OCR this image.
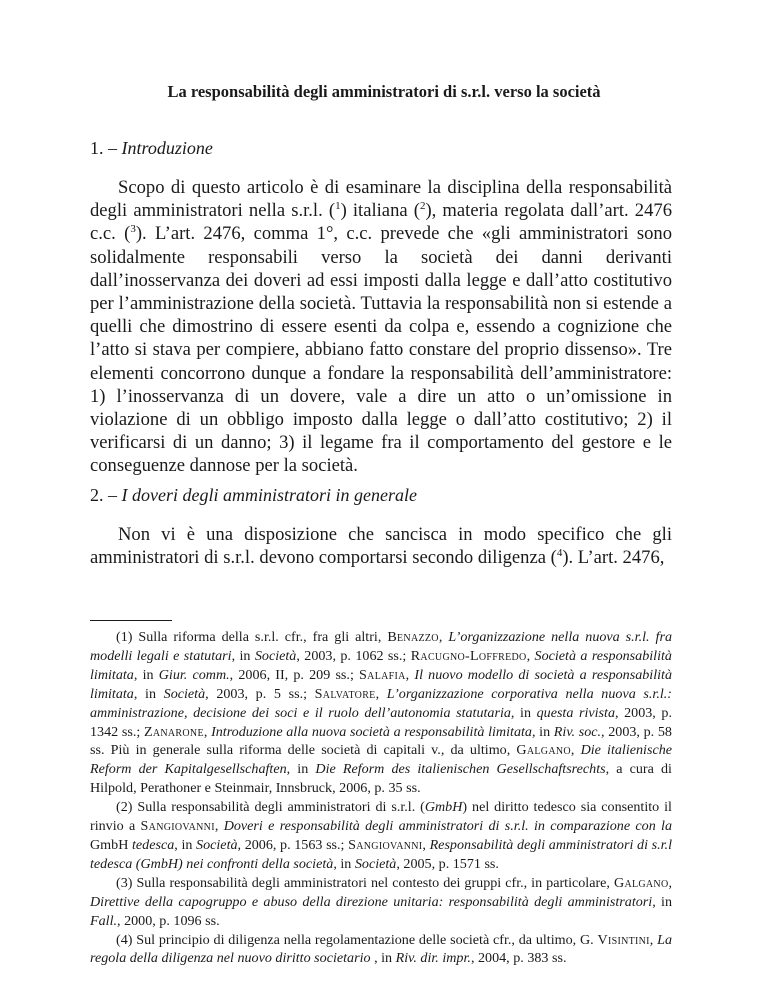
La responsabilità degli amministratori di s.r.l. verso la società
1. – Introduzione

Scopo di questo articolo è di esaminare la disciplina della responsabilità degli amministratori nella s.r.l. ($^1$) italiana ($^2$), materia regolata dall’art. 2476 c.c. ($^3$). L’art. 2476, comma 1°, c.c. prevede che «gli amministratori sono solidalmente responsabili verso la società dei danni derivanti dall’inosservanza dei doveri ad essi imposti dalla legge e dall’atto costitutivo per l’amministrazione della società. Tuttavia la responsabilità non si estende a quelli che dimostrino di essere esenti da colpa e, essendo a cognizione che l’atto si stava per compiere, abbiano fatto constare del proprio dissenso». Tre elementi concorrono dunque a fondare la responsabilità dell’amministratore: 1) l’inosservanza di un dovere, vale a dire un atto o un’omissione in violazione di un obbligo imposto dalla legge o dall’atto costitutivo; 2) il verificarsi di un danno; 3) il legame fra il comportamento del gestore e le conseguenze dannose per la società.

2. – I doveri degli amministratori in generale

Non vi è una disposizione che sancisca in modo specifico che gli amministratori di s.r.l. devono comportarsi secondo diligenza ($^4$). L’art. 2476,

(1) Sulla riforma della s.r.l. cfr., fra gli altri, Benazzo, L’organizzazione nella nuova s.r.l. fra modelli legali e statutari, in Società, 2003, p. 1062 ss.; Racugno-Loffredo, Società a responsabilità limitata, in Giur. comm., 2006, II, p. 209 ss.; Salafia, Il nuovo modello di società a responsabilità limitata, in Società, 2003, p. 5 ss.; Salvatore, L’organizzazione corporativa nella nuova s.r.l.: amministrazione, decisione dei soci e il ruolo dell’autonomia statutaria, in questa rivista, 2003, p. 1342 ss.; Zanarone, Introduzione alla nuova società a responsabilità limitata, in Riv. soc., 2003, p. 58 ss. Più in generale sulla riforma delle società di capitali v., da ultimo, Galgano, Die italienische Reform der Kapitalgesellschaften, in Die Reform des italienischen Gesellschaftsrechts, a cura di Hilpold, Perathoner e Steinmair, Innsbruck, 2006, p. 35 ss.

(2) Sulla responsabilità degli amministratori di s.r.l. (GmbH) nel diritto tedesco sia consentito il rinvio a Sangiovanni, Doveri e responsabilità degli amministratori di s.r.l. in comparazione con la GmbH tedesca, in Società, 2006, p. 1563 ss.; Sangiovanni, Responsabilità degli amministratori di s.r.l tedesca (GmbH) nei confronti della società, in Società, 2005, p. 1571 ss.

(3) Sulla responsabilità degli amministratori nel contesto dei gruppi cfr., in particolare, Galgano, Direttive della capogruppo e abuso della direzione unitaria: responsabilità degli amministratori, in Fall., 2000, p. 1096 ss.

(4) Sul principio di diligenza nella regolamentazione delle società cfr., da ultimo, G. Visintini, La regola della diligenza nel nuovo diritto societario , in Riv. dir. impr., 2004, p. 383 ss.
